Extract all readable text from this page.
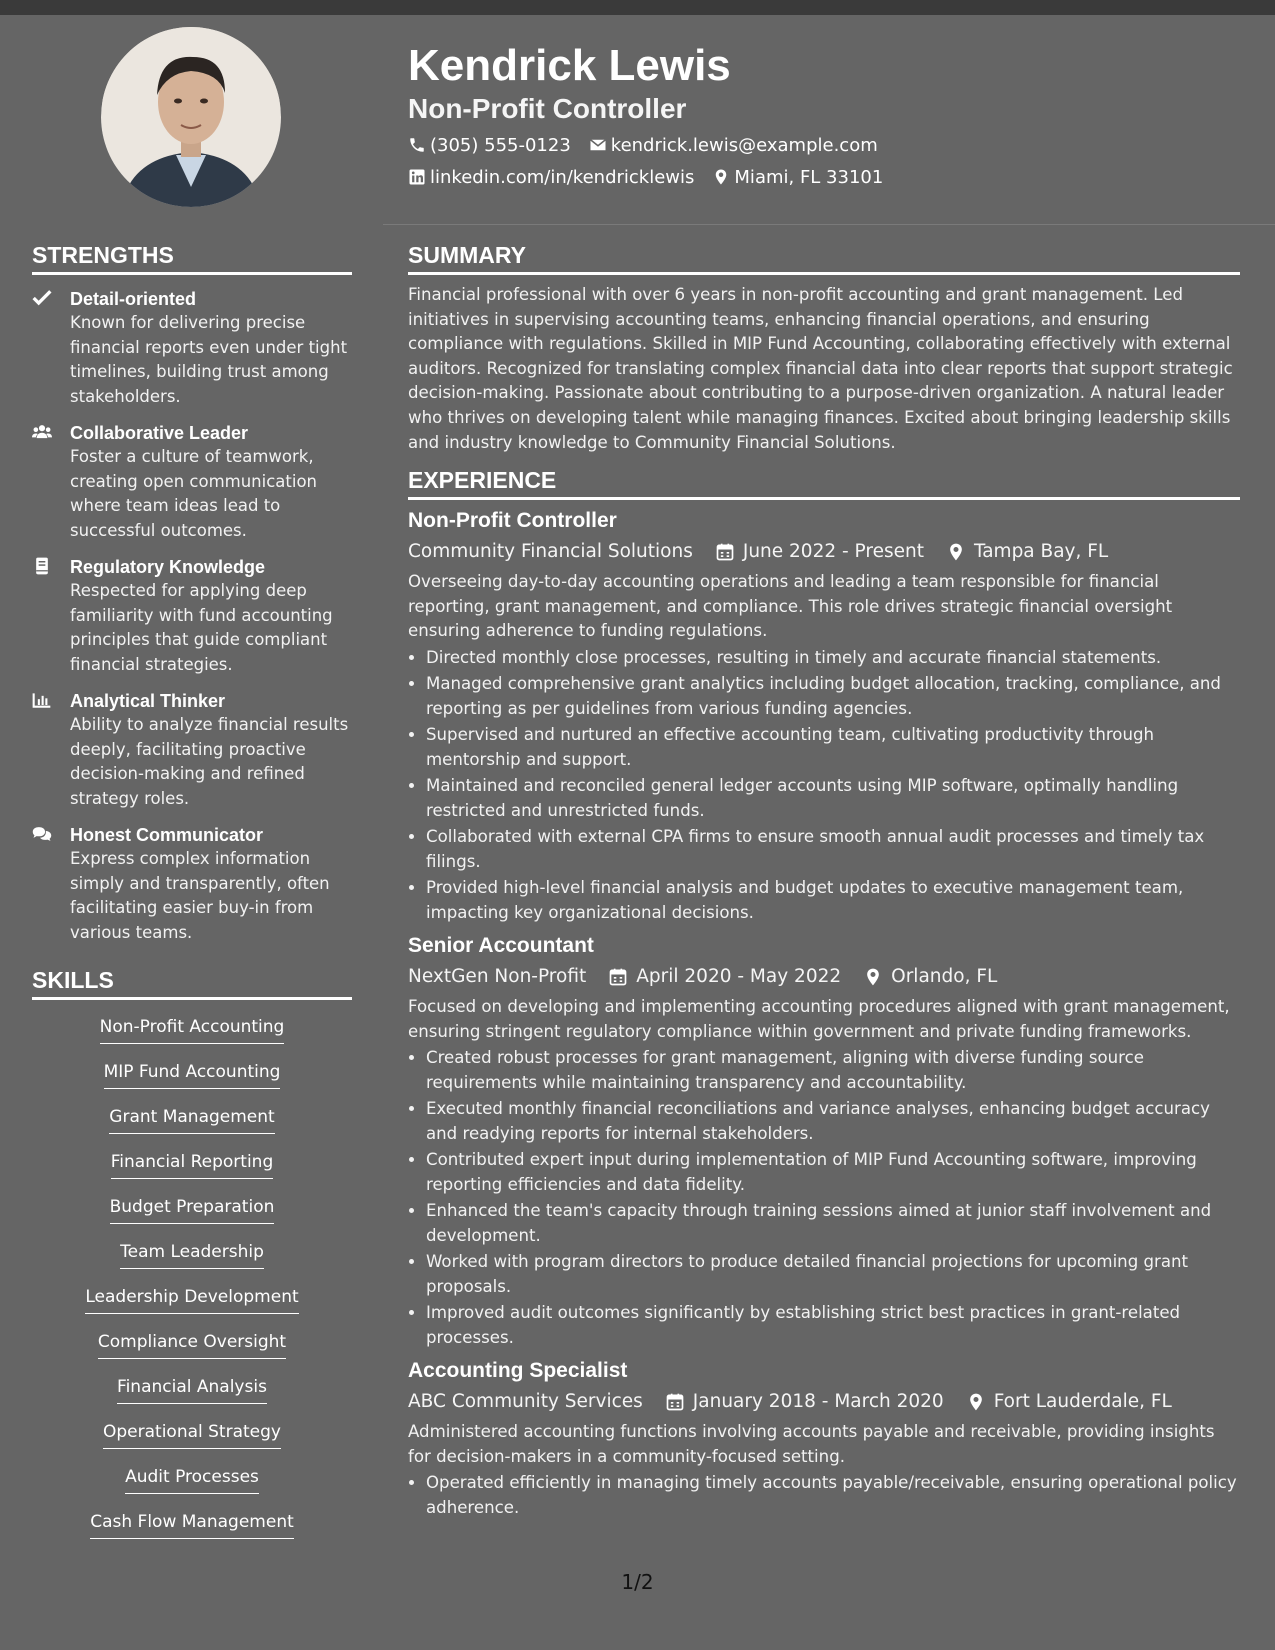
Kendrick Lewis
Non-Profit Controller
(305) 555-0123 kendrick.lewis@example.com
linkedin.com/in/kendricklewis Miami, FL 33101
STRENGTHS
Detail-oriented
Known for delivering precise financial reports even under tight timelines, building trust among stakeholders.
Collaborative Leader
Foster a culture of teamwork, creating open communication where team ideas lead to successful outcomes.
Regulatory Knowledge
Respected for applying deep familiarity with fund accounting principles that guide compliant financial strategies.
Analytical Thinker
Ability to analyze financial results deeply, facilitating proactive decision-making and refined strategy roles.
Honest Communicator
Express complex information simply and transparently, often facilitating easier buy-in from various teams.
SKILLS
Non-Profit Accounting
MIP Fund Accounting
Grant Management
Financial Reporting
Budget Preparation
Team Leadership
Leadership Development
Compliance Oversight
Financial Analysis
Operational Strategy
Audit Processes
Cash Flow Management
SUMMARY

Financial professional with over 6 years in non-profit accounting and grant management. Led initiatives in supervising accounting teams, enhancing financial operations, and ensuring compliance with regulations. Skilled in MIP Fund Accounting, collaborating effectively with external auditors. Recognized for translating complex financial data into clear reports that support strategic decision-making. Passionate about contributing to a purpose-driven organization. A natural leader who thrives on developing talent while managing finances. Excited about bringing leadership skills and industry knowledge to Community Financial Solutions.

EXPERIENCE
Non-Profit Controller
Community Financial Solutions	June 2022 - Present	Tampa Bay, FL

Overseeing day-to-day accounting operations and leading a team responsible for financial reporting, grant management, and compliance. This role drives strategic financial oversight ensuring adherence to funding regulations.

• Directed monthly close processes, resulting in timely and accurate financial statements.
• Managed comprehensive grant analytics including budget allocation, tracking, compliance, and reporting as per guidelines from various funding agencies.
• Supervised and nurtured an effective accounting team, cultivating productivity through mentorship and support.
• Maintained and reconciled general ledger accounts using MIP software, optimally handling restricted and unrestricted funds.
• Collaborated with external CPA firms to ensure smooth annual audit processes and timely tax filings.
• Provided high-level financial analysis and budget updates to executive management team, impacting key organizational decisions.
Senior Accountant
NextGen Non-Profit	April 2020 - May 2022	Orlando, FL

Focused on developing and implementing accounting procedures aligned with grant management, ensuring stringent regulatory compliance within government and private funding frameworks.

• Created robust processes for grant management, aligning with diverse funding source requirements while maintaining transparency and accountability.
• Executed monthly financial reconciliations and variance analyses, enhancing budget accuracy and readying reports for internal stakeholders.
• Contributed expert input during implementation of MIP Fund Accounting software, improving reporting efficiencies and data fidelity.
• Enhanced the team's capacity through training sessions aimed at junior staff involvement and development.
• Worked with program directors to produce detailed financial projections for upcoming grant proposals.
• Improved audit outcomes significantly by establishing strict best practices in grant-related processes.
Accounting Specialist
ABC Community Services	January 2018 - March 2020	Fort Lauderdale, FL

Administered accounting functions involving accounts payable and receivable, providing insights for decision-makers in a community-focused setting.

• Operated efficiently in managing timely accounts payable/receivable, ensuring operational policy adherence.
1/2
